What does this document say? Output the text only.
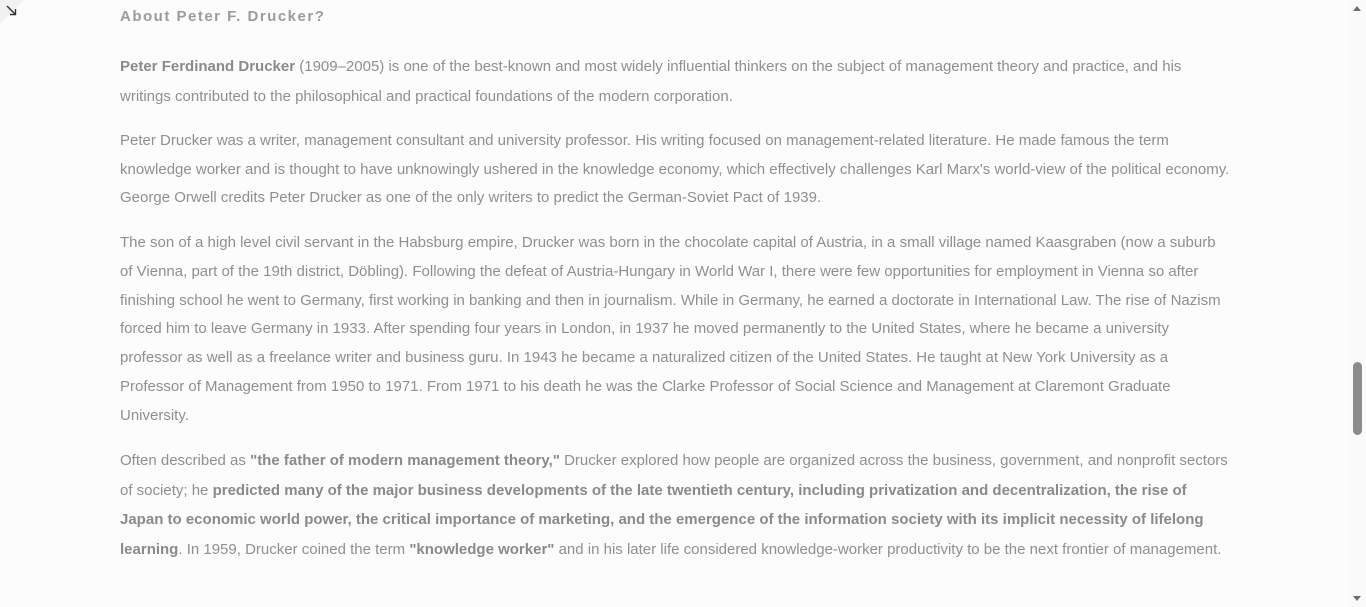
About Peter F. Drucker?

Peter Ferdinand Drucker (1909–2005) is one of the best-known and most widely influential thinkers on the subject of management theory and practice, and his writings contributed to the philosophical and practical foundations of the modern corporation.

Peter Drucker was a writer, management consultant and university professor. His writing focused on management-related literature. He made famous the term knowledge worker and is thought to have unknowingly ushered in the knowledge economy, which effectively challenges Karl Marx's world-view of the political economy. George Orwell credits Peter Drucker as one of the only writers to predict the German-Soviet Pact of 1939.

The son of a high level civil servant in the Habsburg empire, Drucker was born in the chocolate capital of Austria, in a small village named Kaasgraben (now a suburb of Vienna, part of the 19th district, Döbling). Following the defeat of Austria-Hungary in World War I, there were few opportunities for employment in Vienna so after finishing school he went to Germany, first working in banking and then in journalism. While in Germany, he earned a doctorate in International Law. The rise of Nazism forced him to leave Germany in 1933. After spending four years in London, in 1937 he moved permanently to the United States, where he became a university professor as well as a freelance writer and business guru. In 1943 he became a naturalized citizen of the United States. He taught at New York University as a Professor of Management from 1950 to 1971. From 1971 to his death he was the Clarke Professor of Social Science and Management at Claremont Graduate University.

Often described as "the father of modern management theory," Drucker explored how people are organized across the business, government, and nonprofit sectors of society; he predicted many of the major business developments of the late twentieth century, including privatization and decentralization, the rise of Japan to economic world power, the critical importance of marketing, and the emergence of the information society with its implicit necessity of lifelong learning. In 1959, Drucker coined the term "knowledge worker" and in his later life considered knowledge-worker productivity to be the next frontier of management.
